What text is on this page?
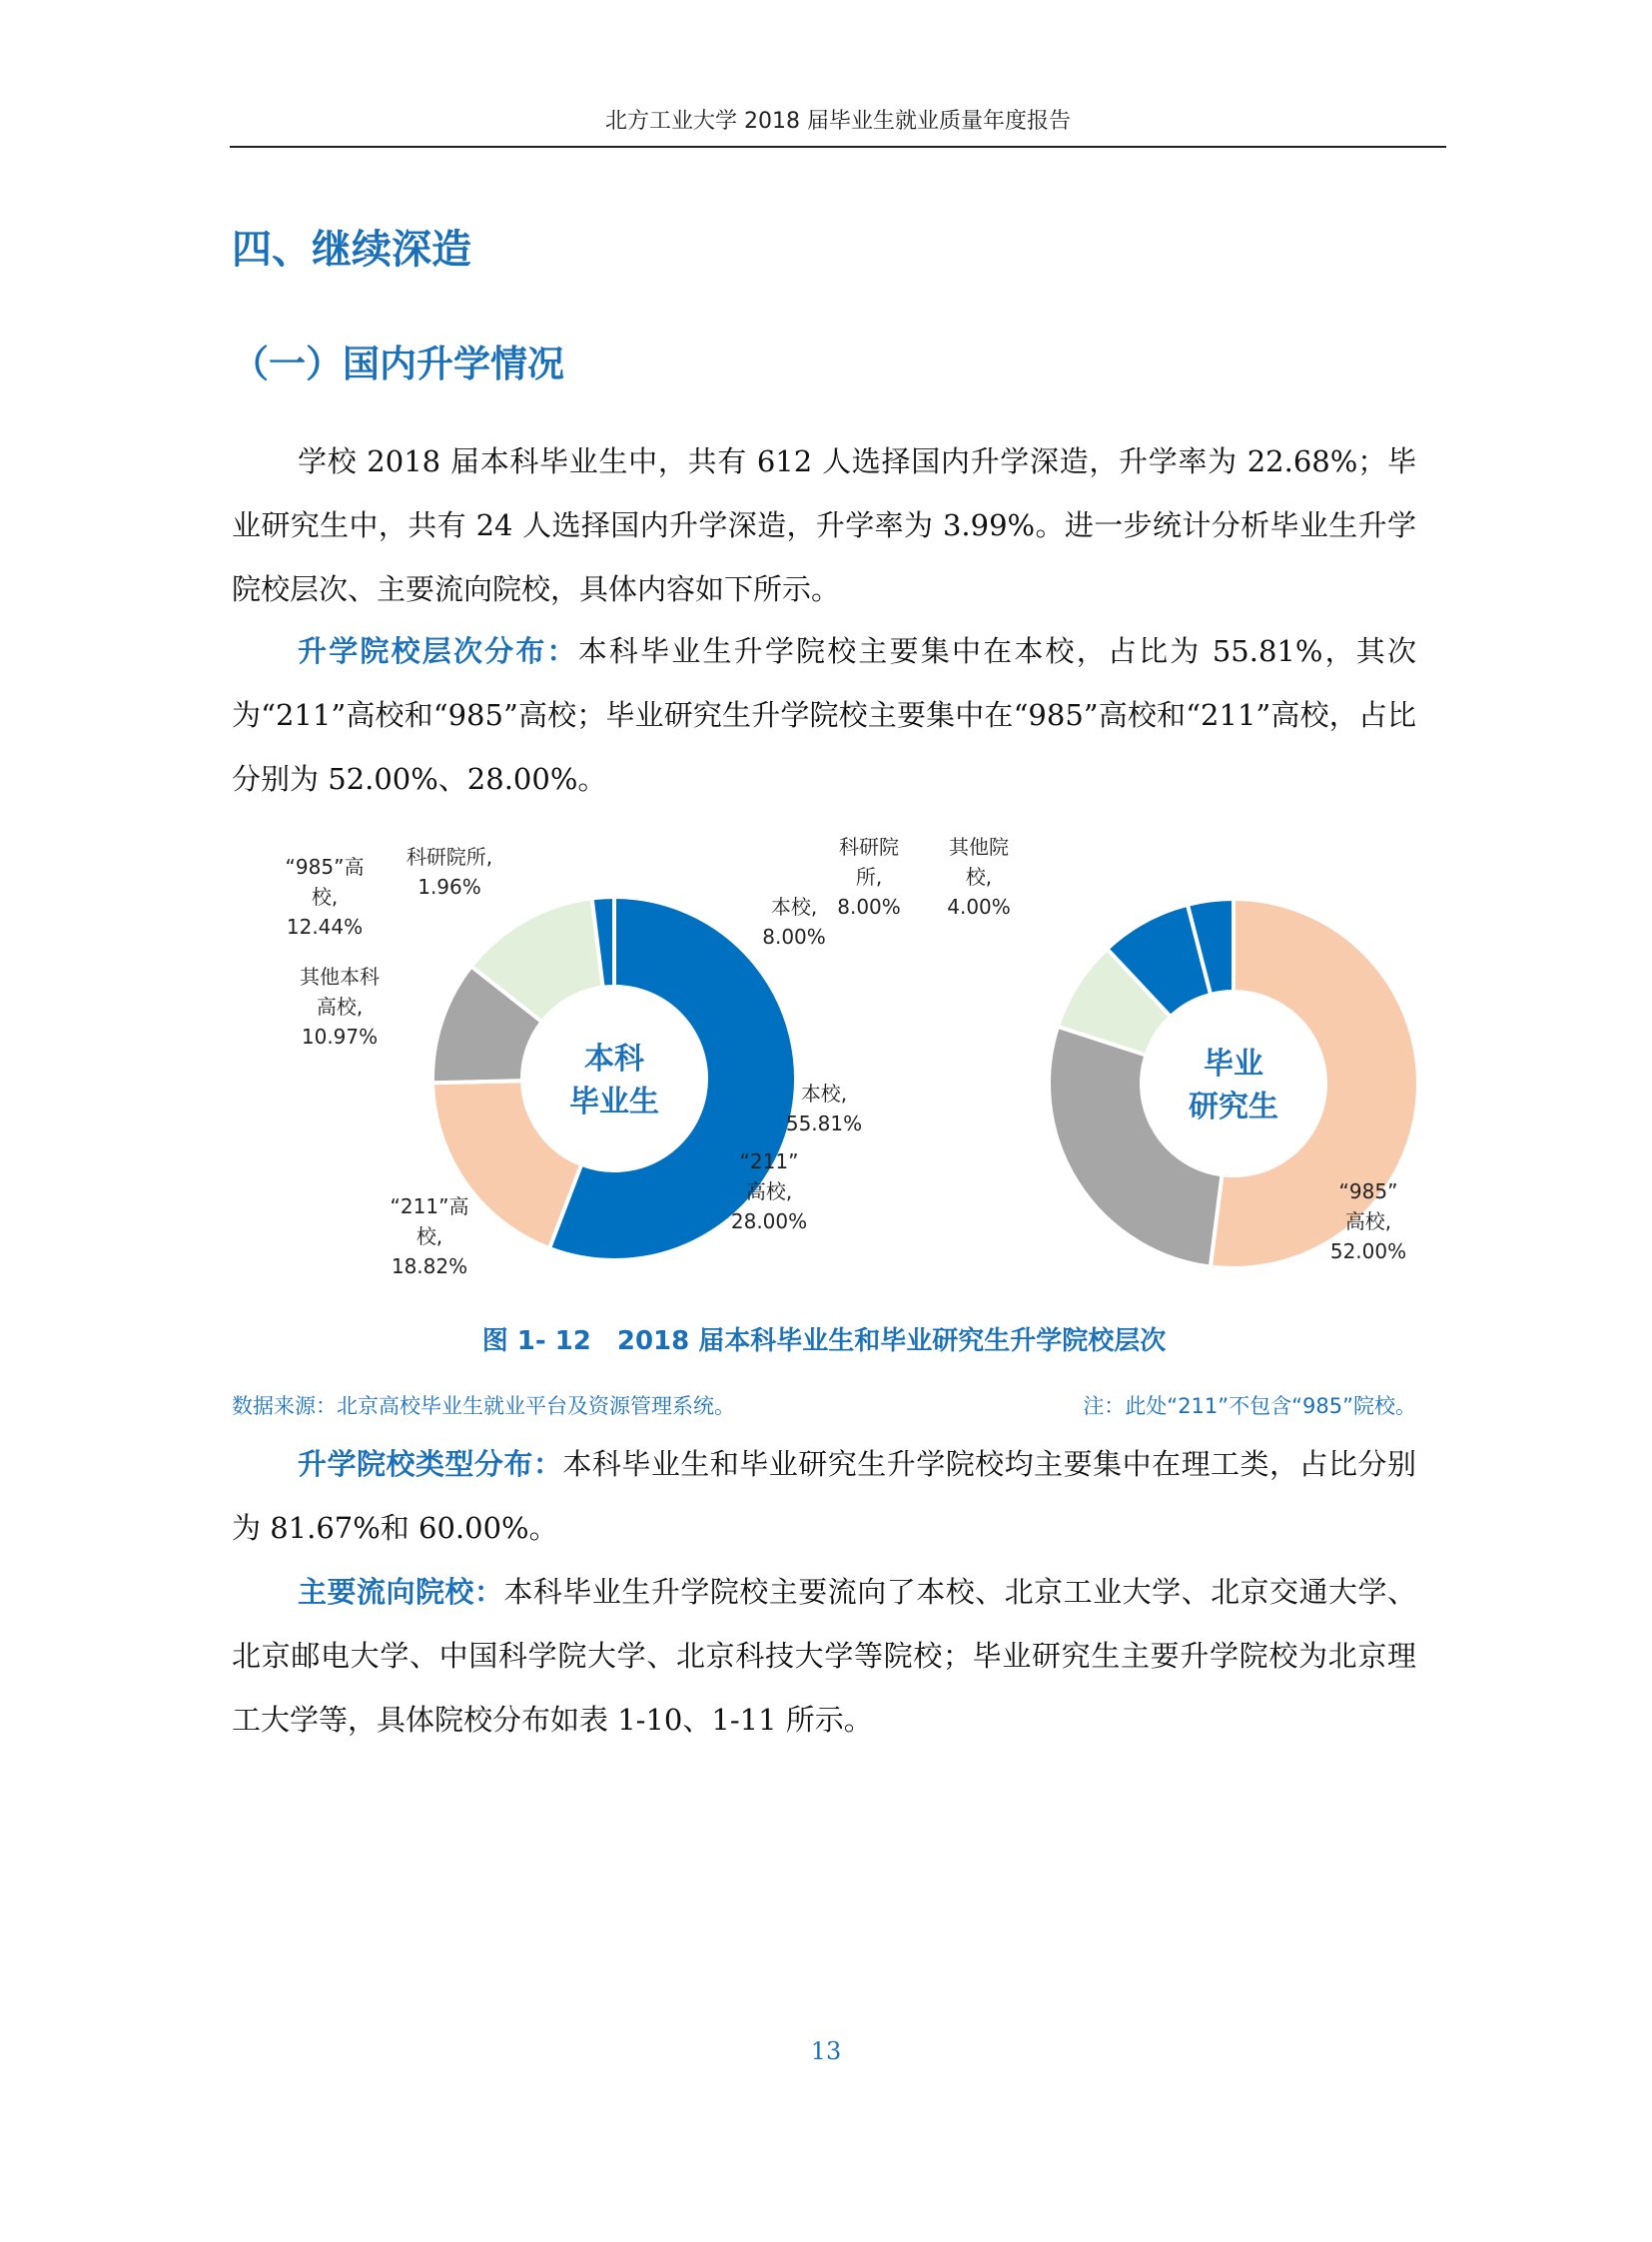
北方工业大学 2018 届毕业生就业质量年度报告
四、继续深造
（一）国内升学情况

学校 2018 届本科毕业生中，共有 612 人选择国内升学深造，升学率为 22.68%；毕业研究生中，共有 24 人选择国内升学深造，升学率为 3.99%。进一步统计分析毕业生升学院校层次、主要流向院校，具体内容如下所示。

升学院校层次分布：本科毕业生升学院校主要集中在本校，占比为 55.81%，其次为“211”高校和“985”高校；毕业研究生升学院校主要集中在“985”高校和“211”高校，占比分别为 52.00%、28.00%。

本校, 55.81%
“211”高校, 18.82%
其他本科高校, 10.97%
“985”高校, 12.44%
科研院所, 1.96%
本科
毕业生
“985”高校, 52.00%
“211”高校, 28.00%
本校, 8.00%
科研院所, 8.00%
其他院校, 4.00%
毕业
研究生
图 1- 12　2018 届本科毕业生和毕业研究生升学院校层次
数据来源：北京高校毕业生就业平台及资源管理系统。	注：此处“211”不包含“985”院校。

升学院校类型分布：本科毕业生和毕业研究生升学院校均主要集中在理工类，占比分别为 81.67%和 60.00%。

主要流向院校：本科毕业生升学院校主要流向了本校、北京工业大学、北京交通大学、北京邮电大学、中国科学院大学、北京科技大学等院校；毕业研究生主要升学院校为北京理工大学等，具体院校分布如表 1-10、1-11 所示。

13
